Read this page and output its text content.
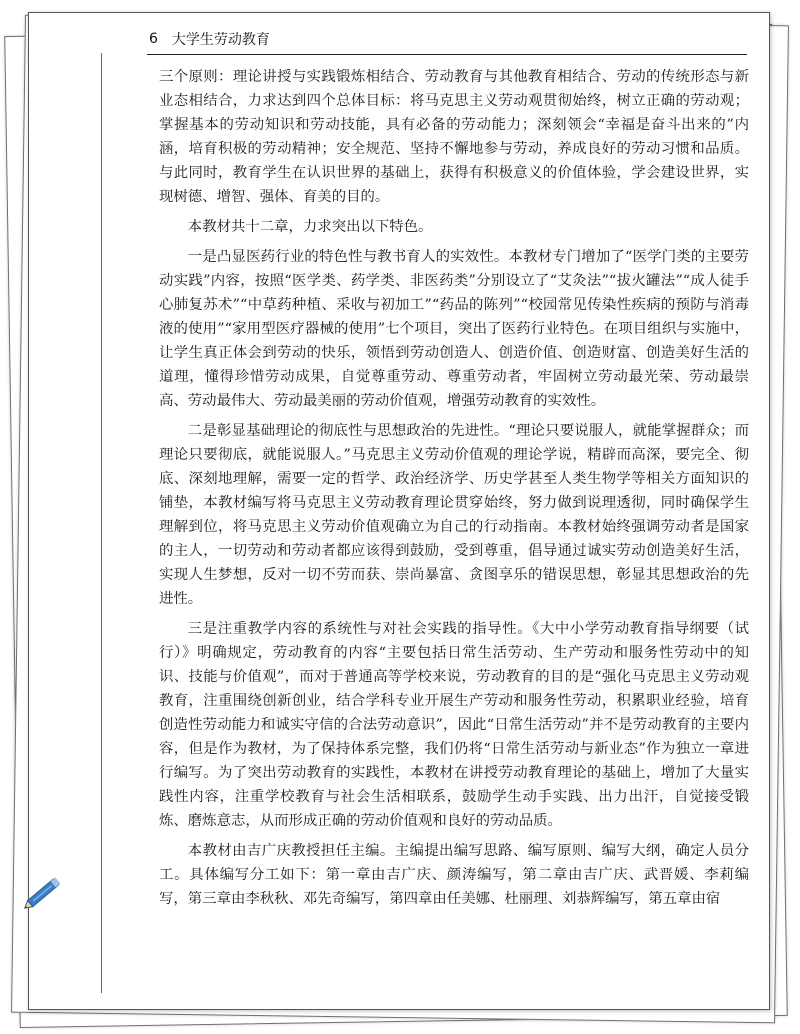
6 大学生劳动教育

三个原则：理论讲授与实践锻炼相结合、劳动教育与其他教育相结合、劳动的传统形态与新业态相结合，力求达到四个总体目标：将马克思主义劳动观贯彻始终，树立正确的劳动观；掌握基本的劳动知识和劳动技能，具有必备的劳动能力；深刻领会“幸福是奋斗出来的”内涵，培育积极的劳动精神；安全规范、坚持不懈地参与劳动，养成良好的劳动习惯和品质。与此同时，教育学生在认识世界的基础上，获得有积极意义的价值体验，学会建设世界，实现树德、增智、强体、育美的目的。

本教材共十二章，力求突出以下特色。

一是凸显医药行业的特色性与教书育人的实效性。本教材专门增加了“医学门类的主要劳动实践”内容，按照“医学类、药学类、非医药类”分别设立了“艾灸法”“拔火罐法”“成人徒手心肺复苏术”“中草药种植、采收与初加工”“药品的陈列”“校园常见传染性疾病的预防与消毒液的使用”“家用型医疗器械的使用”七个项目，突出了医药行业特色。在项目组织与实施中，让学生真正体会到劳动的快乐，领悟到劳动创造人、创造价值、创造财富、创造美好生活的道理，懂得珍惜劳动成果，自觉尊重劳动、尊重劳动者，牢固树立劳动最光荣、劳动最崇高、劳动最伟大、劳动最美丽的劳动价值观，增强劳动教育的实效性。

二是彰显基础理论的彻底性与思想政治的先进性。“理论只要说服人，就能掌握群众；而理论只要彻底，就能说服人。”马克思主义劳动价值观的理论学说，精辟而高深，要完全、彻底、深刻地理解，需要一定的哲学、政治经济学、历史学甚至人类生物学等相关方面知识的铺垫，本教材编写将马克思主义劳动教育理论贯穿始终，努力做到说理透彻，同时确保学生理解到位，将马克思主义劳动价值观确立为自己的行动指南。本教材始终强调劳动者是国家的主人，一切劳动和劳动者都应该得到鼓励，受到尊重，倡导通过诚实劳动创造美好生活，实现人生梦想，反对一切不劳而获、崇尚暴富、贪图享乐的错误思想，彰显其思想政治的先进性。

三是注重教学内容的系统性与对社会实践的指导性。《大中小学劳动教育指导纲要（试行）》明确规定，劳动教育的内容“主要包括日常生活劳动、生产劳动和服务性劳动中的知识、技能与价值观”，而对于普通高等学校来说，劳动教育的目的是“强化马克思主义劳动观教育，注重围绕创新创业，结合学科专业开展生产劳动和服务性劳动，积累职业经验，培育创造性劳动能力和诚实守信的合法劳动意识”，因此“日常生活劳动”并不是劳动教育的主要内容，但是作为教材，为了保持体系完整，我们仍将“日常生活劳动与新业态”作为独立一章进行编写。为了突出劳动教育的实践性，本教材在讲授劳动教育理论的基础上，增加了大量实践性内容，注重学校教育与社会生活相联系，鼓励学生动手实践、出力出汗，自觉接受锻炼、磨炼意志，从而形成正确的劳动价值观和良好的劳动品质。

本教材由吉广庆教授担任主编。主编提出编写思路、编写原则、编写大纲，确定人员分工。具体编写分工如下：第一章由吉广庆、颜涛编写，第二章由吉广庆、武晋媛、李莉编写，第三章由李秋秋、邓先奇编写，第四章由任美娜、杜丽理、刘恭辉编写，第五章由宿
